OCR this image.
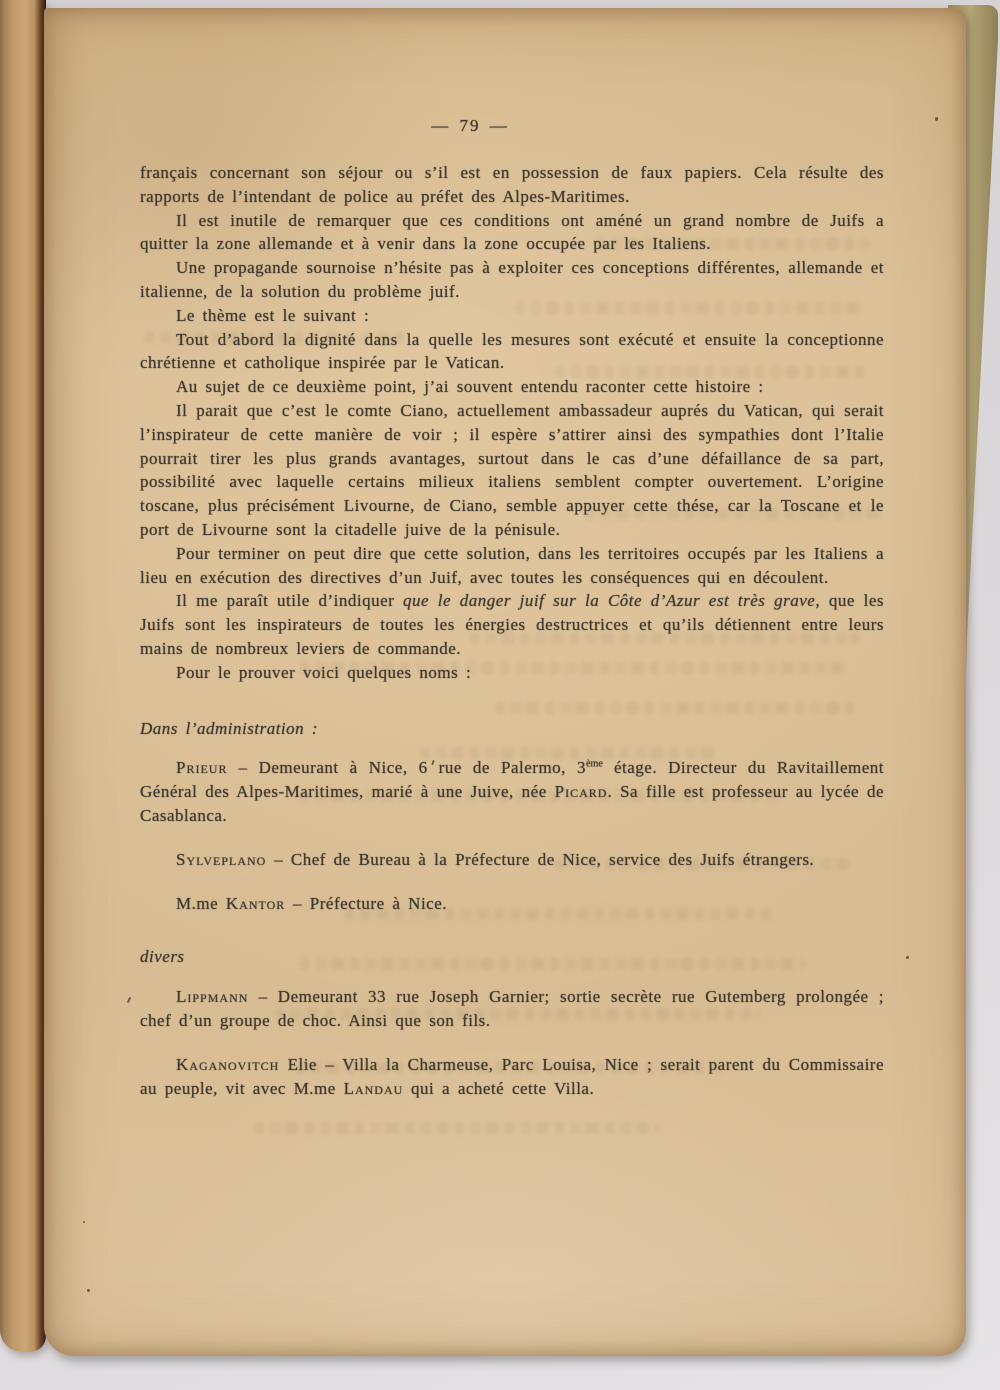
— 79 —

français concernant son séjour ou s’il est en possession de faux papiers. Cela résulte des rapports de l’intendant de police au préfet des Alpes-Maritimes.

Il est inutile de remarquer que ces conditions ont améné un grand nombre de Juifs a quitter la zone allemande et à venir dans la zone occupée par les Italiens.

Une propagande sournoise n’hésite pas à exploiter ces conceptions différentes, allemande et italienne, de la solution du problème juif.

Le thème est le suivant :

Tout d’abord la dignité dans la quelle les mesures sont exécuté et ensuite la conceptionne chrétienne et catholique inspirée par le Vatican.

Au sujet de ce deuxième point, j’ai souvent entendu raconter cette histoire :

Il parait que c’est le comte Ciano, actuellement ambassadeur auprés du Vatican, qui serait l’inspirateur de cette manière de voir ; il espère s’attirer ainsi des sympathies dont l’Italie pourrait tirer les plus grands avantages, surtout dans le cas d’une défaillance de sa part, possibilité avec laquelle certains milieux italiens semblent compter ouvertement. L’origine toscane, plus précisément Livourne, de Ciano, semble appuyer cette thése, car la Toscane et le port de Livourne sont la citadelle juive de la pénisule.

Pour terminer on peut dire que cette solution, dans les territoires occupés par les Italiens a lieu en exécution des directives d’un Juif, avec toutes les conséquences qui en découlent.

Il me paraît utile d’indiquer que le danger juif sur la Côte d’Azur est très grave, que les Juifs sont les inspirateurs de toutes les énergies destructrices et qu’ils détiennent entre leurs mains de nombreux leviers de commande.

Pour le prouver voici quelques noms :

Dans l’administration :

Prieur – Demeurant à Nice, 6 rue de Palermo, 3ème étage. Directeur du Ravitaillement Général des Alpes-Maritimes, marié à une Juive, née Picard. Sa fille est professeur au lycée de Casablanca.

Sylveplano – Chef de Bureau à la Préfecture de Nice, service des Juifs étrangers.

M.me Kantor – Préfecture à Nice.

divers

Lippmann – Demeurant 33 rue Joseph Garnier; sortie secrète rue Gutemberg prolongée ; chef d’un groupe de choc. Ainsi que son fils.

Kaganovitch Elie – Villa la Charmeuse, Parc Louisa, Nice ; serait parent du Commissaire au peuple, vit avec M.me Landau qui a acheté cette Villa.
